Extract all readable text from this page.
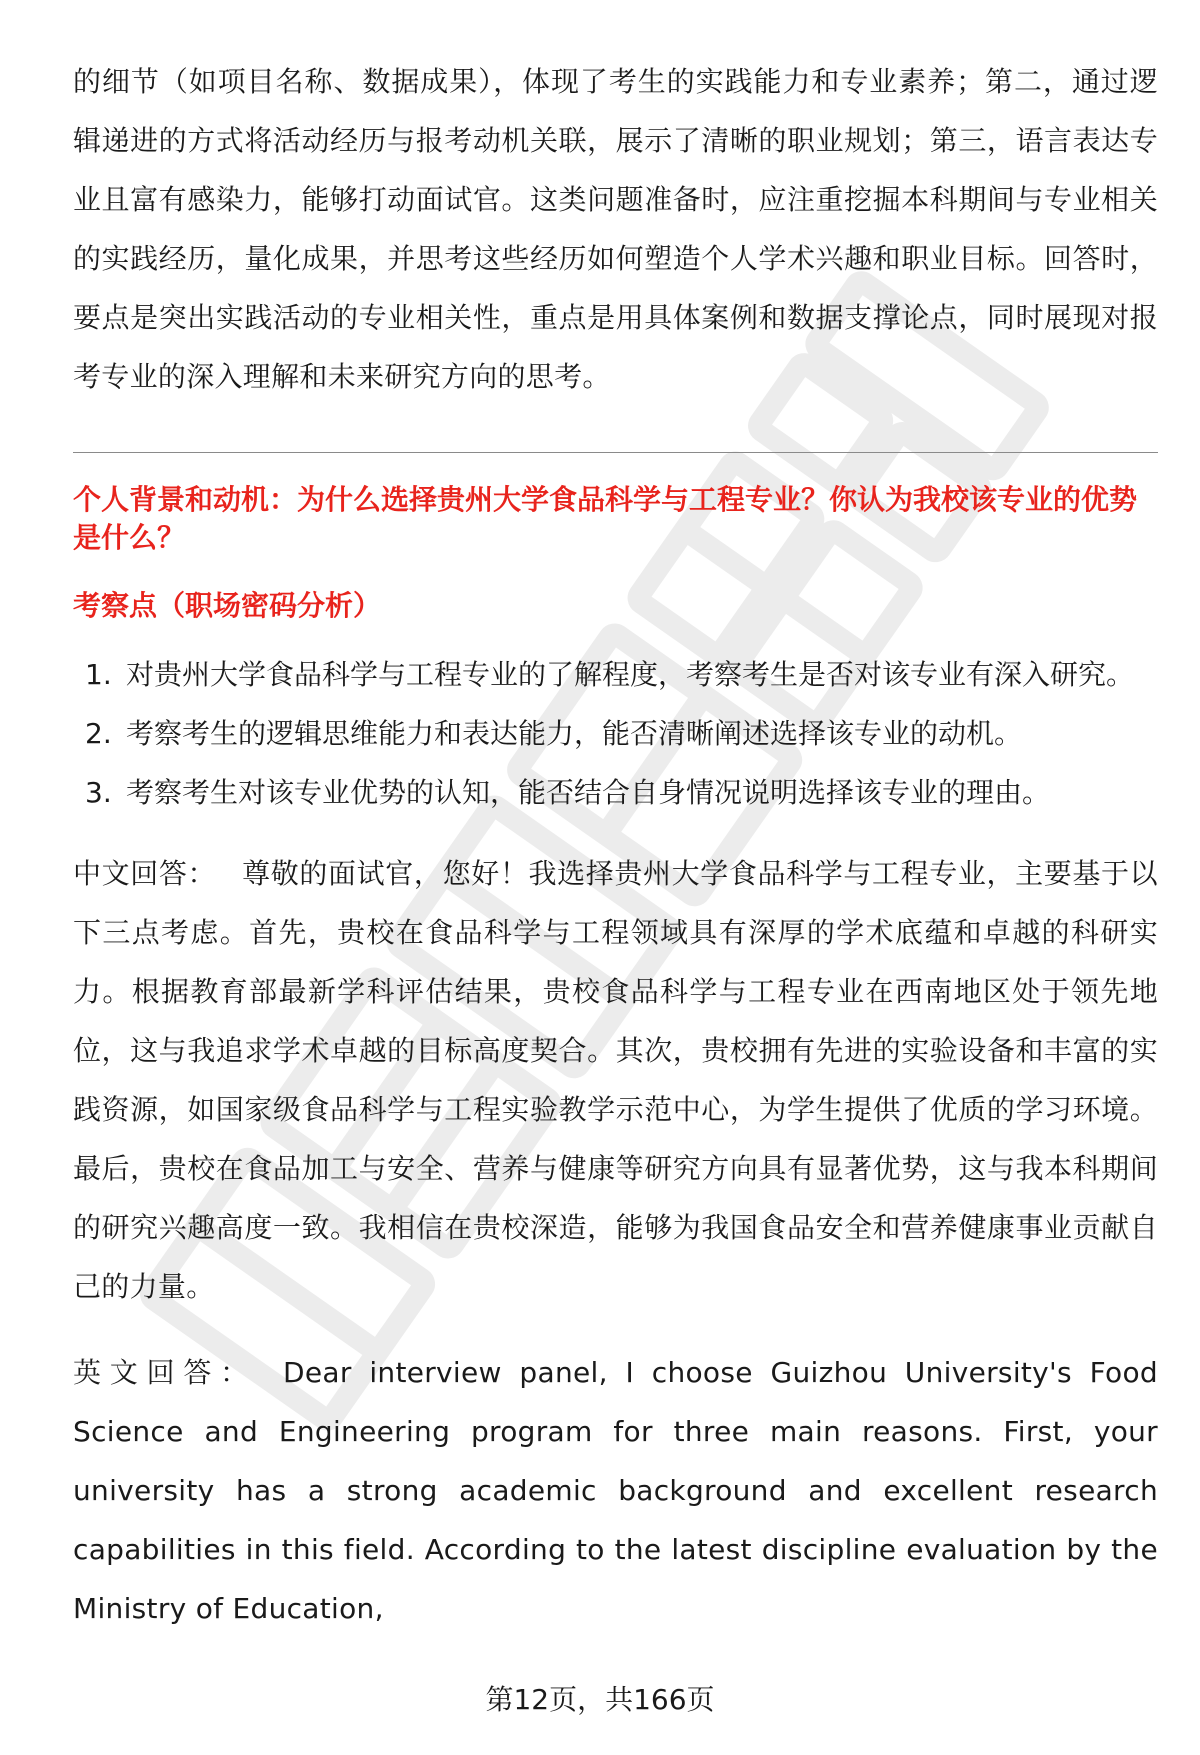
的细节（如项目名称、数据成果），体现了考生的实践能力和专业素养；第二，通过逻辑递进的方式将活动经历与报考动机关联，展示了清晰的职业规划；第三，语言表达专业且富有感染力，能够打动面试官。这类问题准备时，应注重挖掘本科期间与专业相关的实践经历，量化成果，并思考这些经历如何塑造个人学术兴趣和职业目标。回答时，要点是突出实践活动的专业相关性，重点是用具体案例和数据支撑论点，同时展现对报考专业的深入理解和未来研究方向的思考。

个人背景和动机：为什么选择贵州大学食品科学与工程专业？你认为我校该专业的优势是什么？
考察点（职场密码分析）
1. 对贵州大学食品科学与工程专业的了解程度，考察考生是否对该专业有深入研究。
2. 考察考生的逻辑思维能力和表达能力，能否清晰阐述选择该专业的动机。
3. 考察考生对该专业优势的认知，能否结合自身情况说明选择该专业的理由。

中文回答： 尊敬的面试官，您好！我选择贵州大学食品科学与工程专业，主要基于以下三点考虑。首先，贵校在食品科学与工程领域具有深厚的学术底蕴和卓越的科研实力。根据教育部最新学科评估结果，贵校食品科学与工程专业在西南地区处于领先地位，这与我追求学术卓越的目标高度契合。其次，贵校拥有先进的实验设备和丰富的实践资源，如国家级食品科学与工程实验教学示范中心，为学生提供了优质的学习环境。最后，贵校在食品加工与安全、营养与健康等研究方向具有显著优势，这与我本科期间的研究兴趣高度一致。我相信在贵校深造，能够为我国食品安全和营养健康事业贡献自己的力量。

英文回答： Dear interview panel, I choose Guizhou University's Food Science and Engineering program for three main reasons. First, your university has a strong academic background and excellent research capabilities in this field. According to the latest discipline evaluation by the Ministry of Education,

第12页，共166页
